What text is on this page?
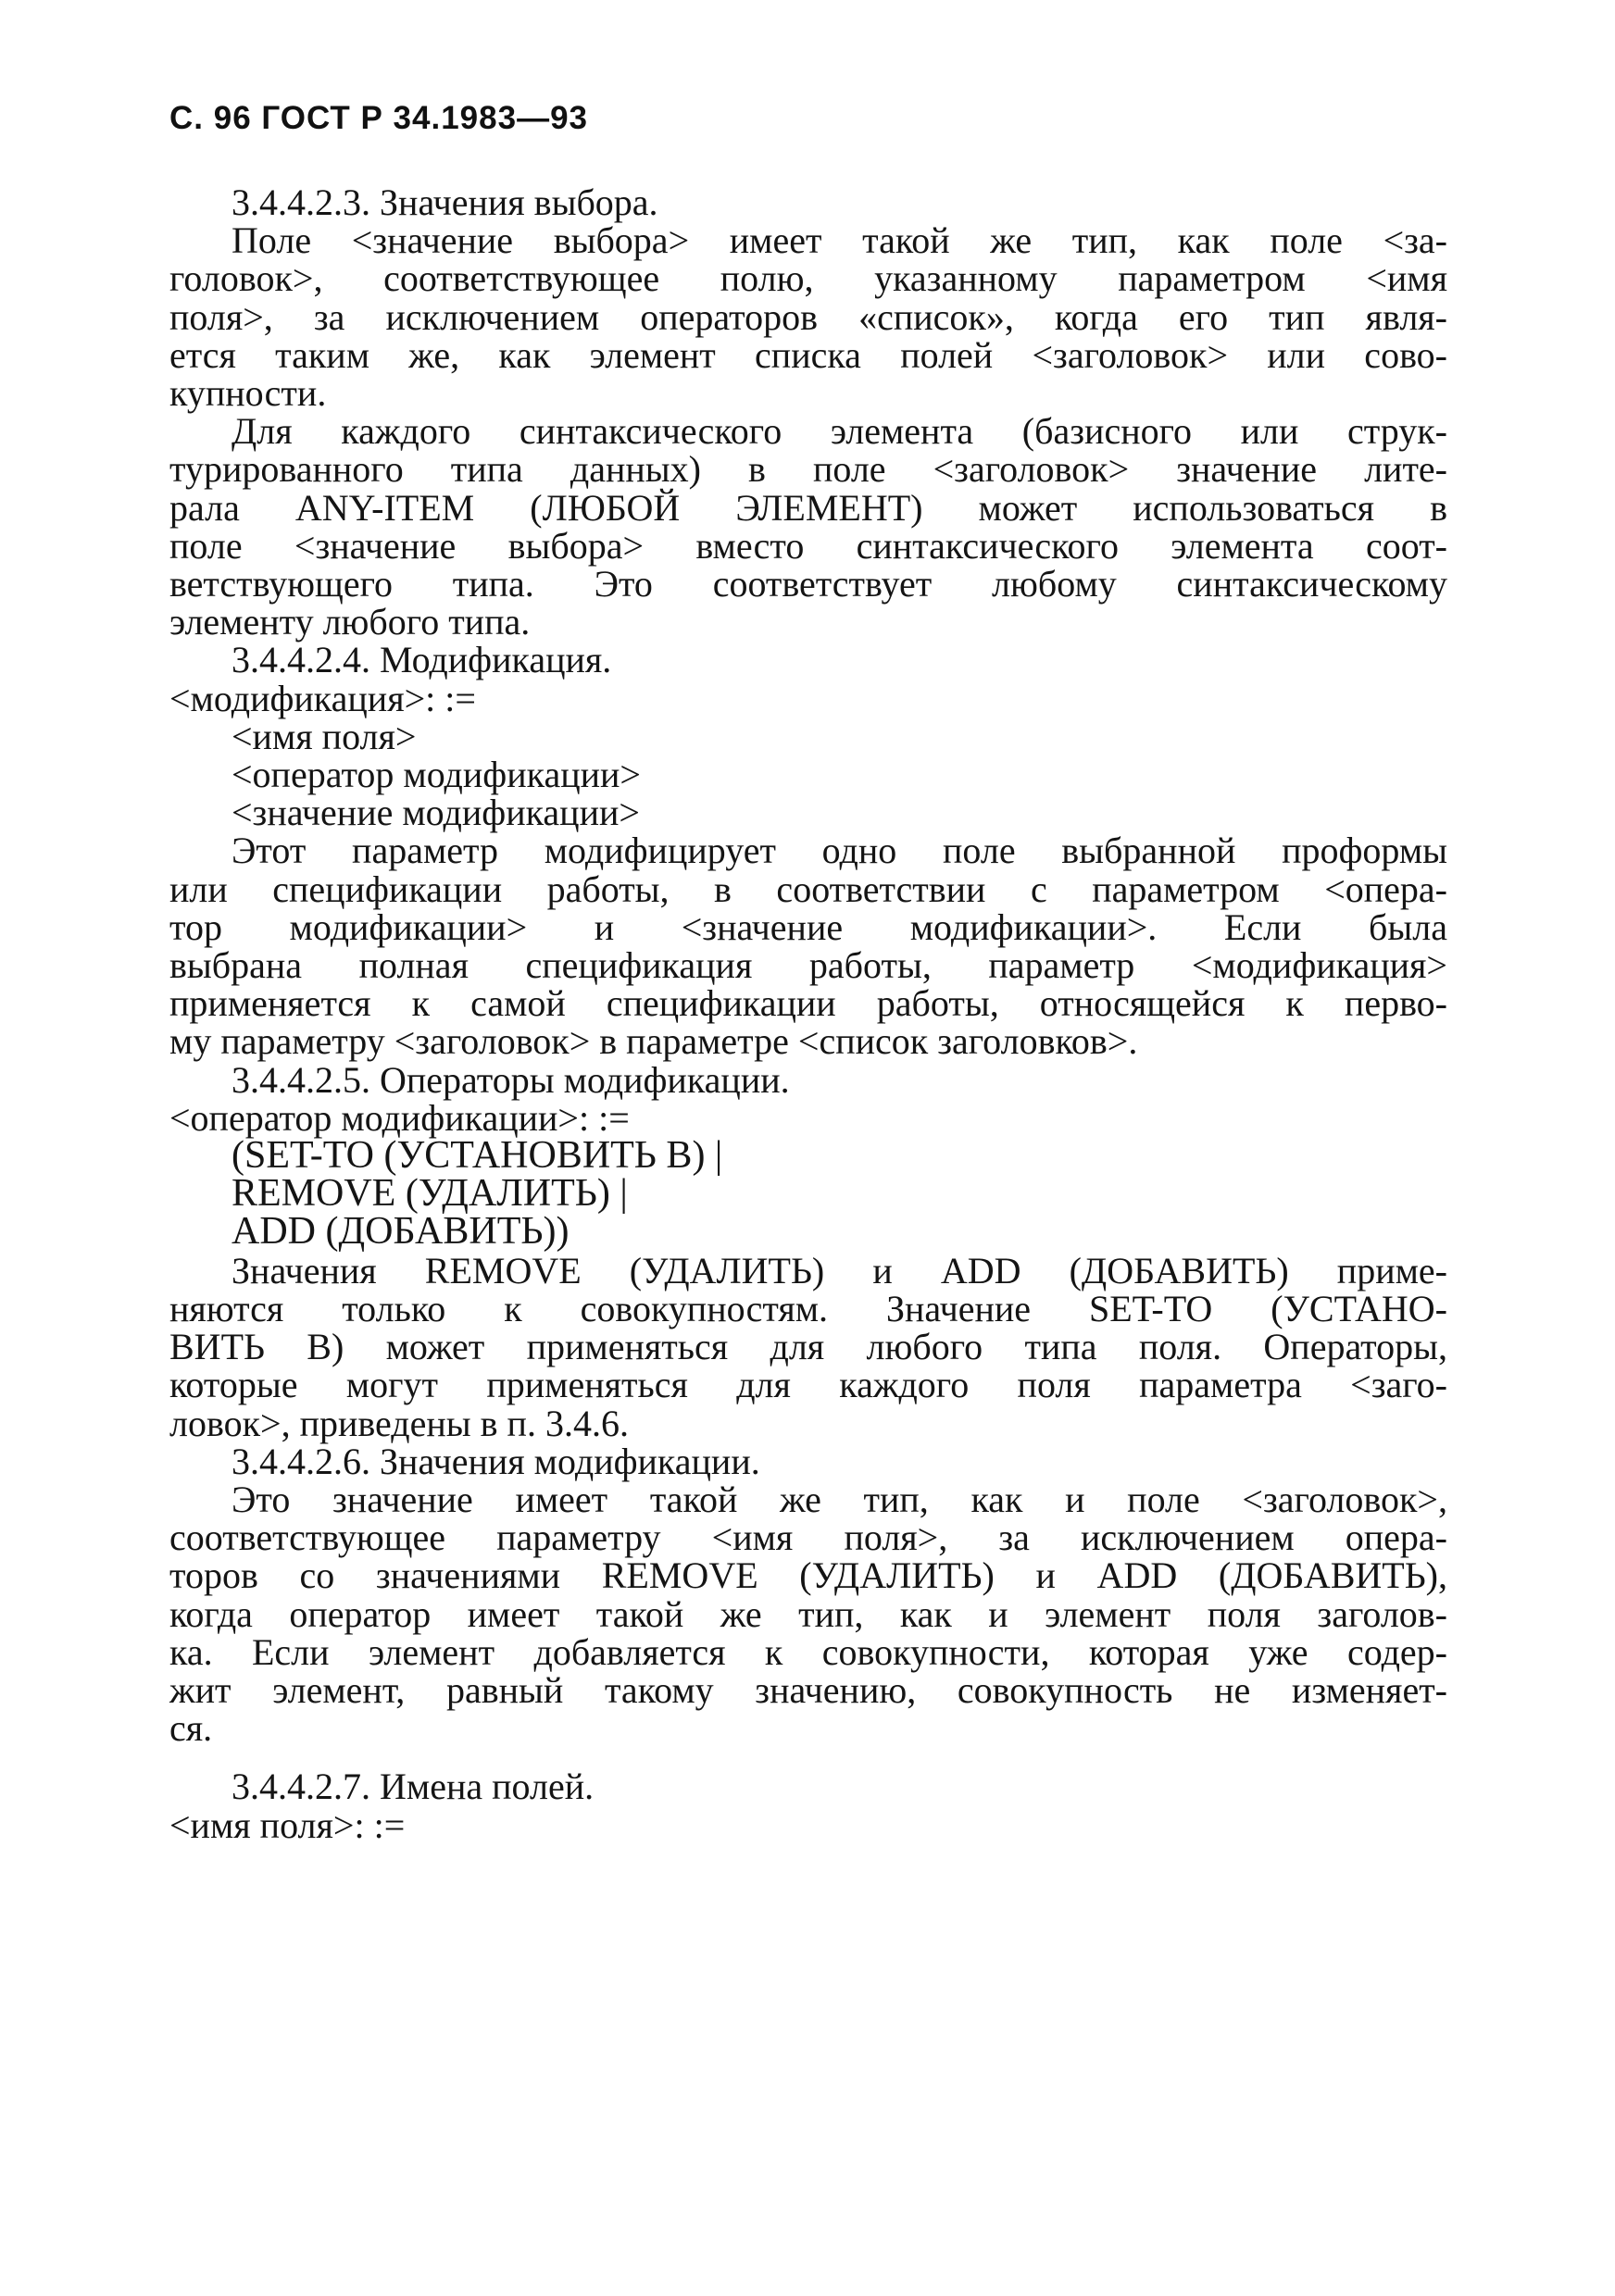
С. 96 ГОСТ Р 34.1983—93
3.4.4.2.3. Значения выбора.
Поле <значение выбора> имеет такой же тип, как поле <за-
головок>, соответствующее полю, указанному параметром <имя
поля>, за исключением операторов «список», когда его тип явля-
ется таким же, как элемент списка полей <заголовок> или сово-
купности.
Для каждого синтаксического элемента (базисного или струк-
турированного типа данных) в поле <заголовок> значение лите-
рала ANY-ITEM (ЛЮБОЙ ЭЛЕМЕНТ) может использоваться в
поле <значение выбора> вместо синтаксического элемента соот-
ветствующего типа. Это соответствует любому синтаксическому
элементу любого типа.
3.4.4.2.4. Модификация.
<модификация>: :=
<имя поля>
<оператор модификации>
<значение модификации>
Этот параметр модифицирует одно поле выбранной проформы
или спецификации работы, в соответствии с параметром <опера-
тор модификации> и <значение модификации>. Если была
выбрана полная спецификация работы, параметр <модификация>
применяется к самой спецификации работы, относящейся к перво-
му параметру <заголовок> в параметре <список заголовков>.
3.4.4.2.5. Операторы модификации.
<оператор модификации>: :=
(SET-TO (УСТАНОВИТЬ В) |
REMOVE (УДАЛИТЬ) |
ADD (ДОБАВИТЬ))
Значения REMOVE (УДАЛИТЬ) и ADD (ДОБАВИТЬ) приме-
няются только к совокупностям. Значение SET-TO (УСТАНО-
ВИТЬ В) может применяться для любого типа поля. Операторы,
которые могут применяться для каждого поля параметра <заго-
ловок>, приведены в п. 3.4.6.
3.4.4.2.6. Значения модификации.
Это значение имеет такой же тип, как и поле <заголовок>,
соответствующее параметру <имя поля>, за исключением опера-
торов со значениями REMOVE (УДАЛИТЬ) и ADD (ДОБАВИТЬ),
когда оператор имеет такой же тип, как и элемент поля заголов-
ка. Если элемент добавляется к совокупности, которая уже содер-
жит элемент, равный такому значению, совокупность не изменяет-
ся.
3.4.4.2.7. Имена полей.
<имя поля>: :=
